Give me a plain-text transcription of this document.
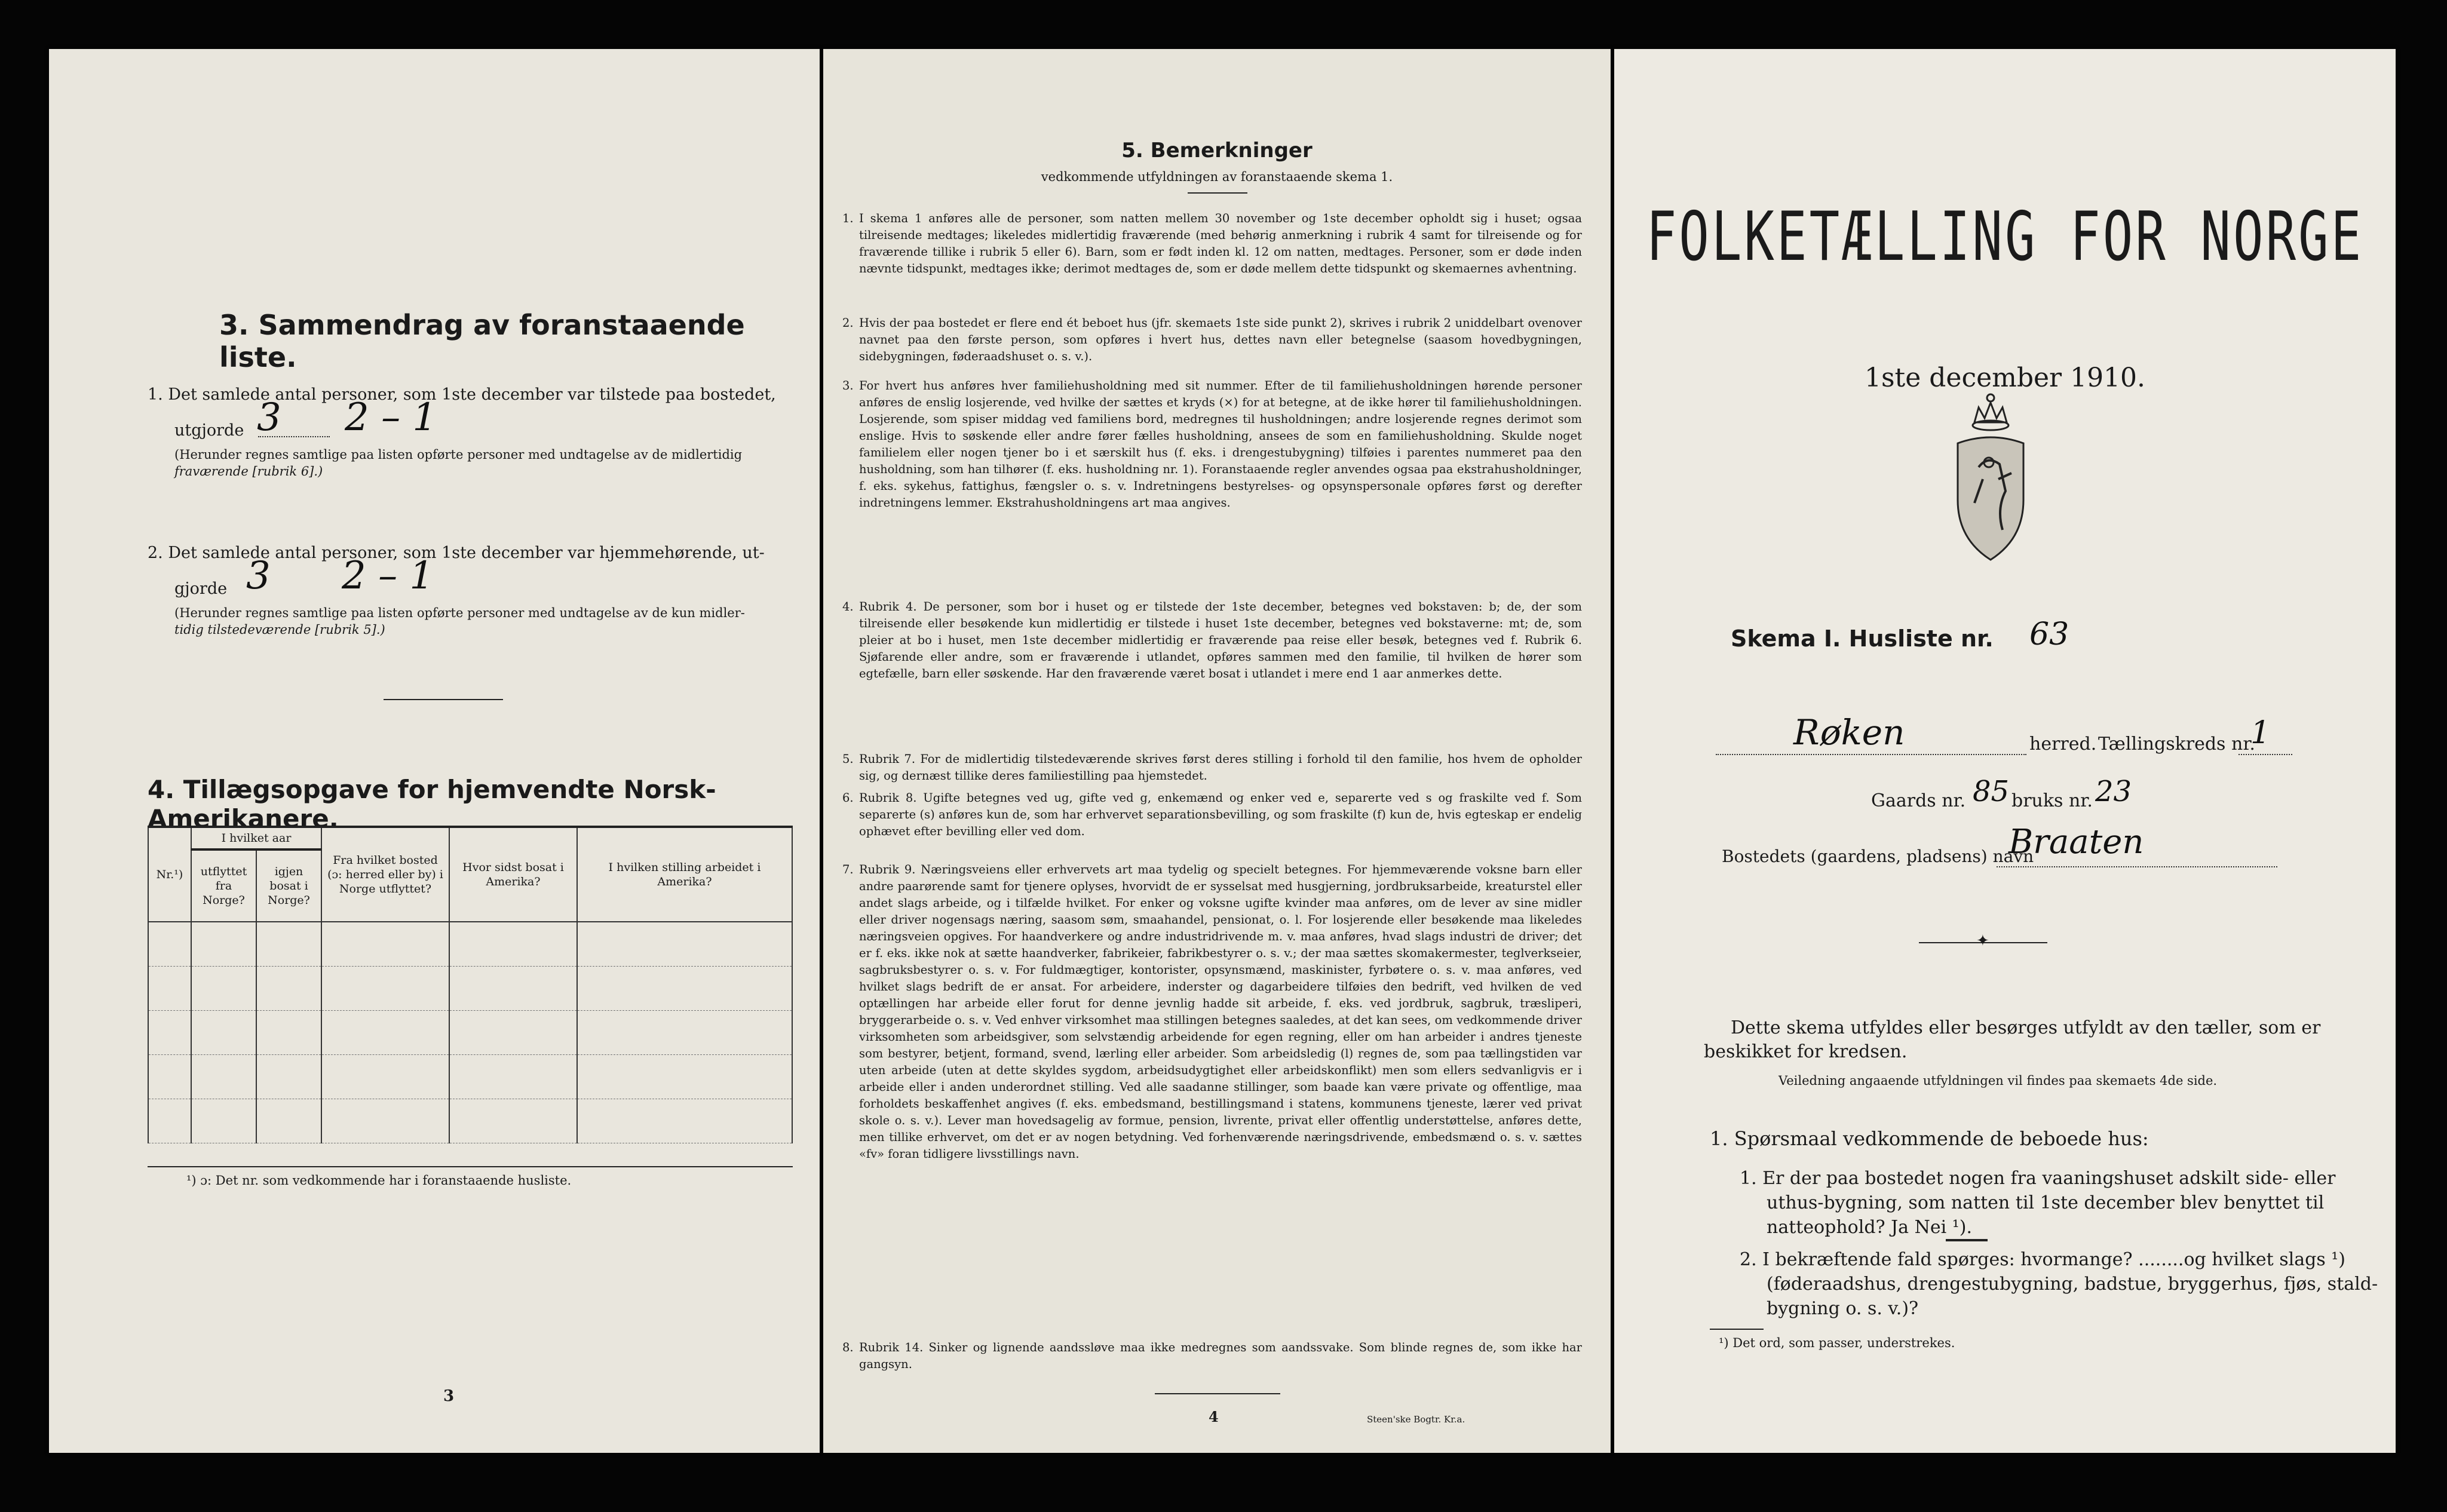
3. Sammendrag av foranstaaende liste.
1. Det samlede antal personer, som 1ste december var tilstede paa bostedet,
utgjorde 3 2 – 1
(Herunder regnes samtlige paa listen opførte personer med undtagelse av de midlertidig
fraværende [rubrik 6].)
2. Det samlede antal personer, som 1ste december var hjemmehørende, ut-
gjorde 3 2 – 1
(Herunder regnes samtlige paa listen opførte personer med undtagelse av de kun midler-
tidig tilstedeværende [rubrik 5].)
4. Tillægsopgave for hjemvendte Norsk-Amerikanere.
Nr.¹)	I hvilket aar		Fra hvilket bosted (ɔ: herred eller by) i Norge utflyttet?	Hvor sidst bosat i Amerika?	I hvilken stilling arbeidet i Amerika?
	utflyttet fra Norge?	igjen bosat i Norge?			

¹) ɔ: Det nr. som vedkommende har i foranstaaende husliste.
3
5. Bemerkninger
vedkommende utfyldningen av foranstaaende skema 1.
1. I skema 1 anføres alle de personer, som natten mellem 30 november og 1ste december opholdt sig i huset; ogsaa tilreisende medtages; likeledes midlertidig fraværende (med behørig anmerkning i rubrik 4 samt for tilreisende og for fraværende tillike i rubrik 5 eller 6). Barn, som er født inden kl. 12 om natten, medtages. Personer, som er døde inden nævnte tidspunkt, medtages ikke; derimot medtages de, som er døde mellem dette tidspunkt og skemaernes avhentning.
2. Hvis der paa bostedet er flere end ét beboet hus (jfr. skemaets 1ste side punkt 2), skrives i rubrik 2 uniddelbart ovenover navnet paa den første person, som opføres i hvert hus, dettes navn eller betegnelse (saasom hovedbygningen, sidebygningen, føderaadshuset o. s. v.).
3. For hvert hus anføres hver familiehusholdning med sit nummer. Efter de til familiehusholdningen hørende personer anføres de enslig losjerende, ved hvilke der sættes et kryds (×) for at betegne, at de ikke hører til familiehusholdningen. Losjerende, som spiser middag ved familiens bord, medregnes til husholdningen; andre losjerende regnes derimot som enslige. Hvis to søskende eller andre fører fælles husholdning, ansees de som en familiehusholdning. Skulde noget familielem eller nogen tjener bo i et særskilt hus (f. eks. i drengestubygning) tilføies i parentes nummeret paa den husholdning, som han tilhører (f. eks. husholdning nr. 1). Foranstaaende regler anvendes ogsaa paa ekstrahusholdninger, f. eks. sykehus, fattighus, fængsler o. s. v. Indretningens bestyrelses- og opsynspersonale opføres først og derefter indretningens lemmer. Ekstrahusholdningens art maa angives.
4. Rubrik 4. De personer, som bor i huset og er tilstede der 1ste december, betegnes ved bokstaven: b; de, der som tilreisende eller besøkende kun midlertidig er tilstede i huset 1ste december, betegnes ved bokstaverne: mt; de, som pleier at bo i huset, men 1ste december midlertidig er fraværende paa reise eller besøk, betegnes ved f. Rubrik 6. Sjøfarende eller andre, som er fraværende i utlandet, opføres sammen med den familie, til hvilken de hører som egtefælle, barn eller søskende. Har den fraværende været bosat i utlandet i mere end 1 aar anmerkes dette.
5. Rubrik 7. For de midlertidig tilstedeværende skrives først deres stilling i forhold til den familie, hos hvem de opholder sig, og dernæst tillike deres familiestilling paa hjemstedet.
6. Rubrik 8. Ugifte betegnes ved ug, gifte ved g, enkemænd og enker ved e, separerte ved s og fraskilte ved f. Som separerte (s) anføres kun de, som har erhvervet separationsbevilling, og som fraskilte (f) kun de, hvis egteskap er endelig ophævet efter bevilling eller ved dom.
7. Rubrik 9. Næringsveiens eller erhvervets art maa tydelig og specielt betegnes. For hjemmeværende voksne barn eller andre paarørende samt for tjenere oplyses, hvorvidt de er sysselsat med husgjerning, jordbruksarbeide, kreaturstel eller andet slags arbeide, og i tilfælde hvilket. For enker og voksne ugifte kvinder maa anføres, om de lever av sine midler eller driver nogensags næring, saasom søm, smaahandel, pensionat, o. l. For losjerende eller besøkende maa likeledes næringsveien opgives. For haandverkere og andre industridrivende m. v. maa anføres, hvad slags industri de driver; det er f. eks. ikke nok at sætte haandverker, fabrikeier, fabrikbestyrer o. s. v.; der maa sættes skomakermester, teglverkseier, sagbruksbestyrer o. s. v. For fuldmægtiger, kontorister, opsynsmænd, maskinister, fyrbøtere o. s. v. maa anføres, ved hvilket slags bedrift de er ansat. For arbeidere, inderster og dagarbeidere tilføies den bedrift, ved hvilken de ved optællingen har arbeide eller forut for denne jevnlig hadde sit arbeide, f. eks. ved jordbruk, sagbruk, træsliperi, bryggerarbeide o. s. v. Ved enhver virksomhet maa stillingen betegnes saaledes, at det kan sees, om vedkommende driver virksomheten som arbeidsgiver, som selvstændig arbeidende for egen regning, eller om han arbeider i andres tjeneste som bestyrer, betjent, formand, svend, lærling eller arbeider. Som arbeidsledig (l) regnes de, som paa tællingstiden var uten arbeide (uten at dette skyldes sygdom, arbeidsudygtighet eller arbeidskonflikt) men som ellers sedvanligvis er i arbeide eller i anden underordnet stilling. Ved alle saadanne stillinger, som baade kan være private og offentlige, maa forholdets beskaffenhet angives (f. eks. embedsmand, bestillingsmand i statens, kommunens tjeneste, lærer ved privat skole o. s. v.). Lever man hovedsagelig av formue, pension, livrente, privat eller offentlig understøttelse, anføres dette, men tillike erhvervet, om det er av nogen betydning. Ved forhenværende næringsdrivende, embedsmænd o. s. v. sættes «fv» foran tidligere livsstillings navn.
8. Rubrik 14. Sinker og lignende aandssløve maa ikke medregnes som aandssvake. Som blinde regnes de, som ikke har gangsyn.
4	Steen'ske Bogtr. Kr.a.
FOLKETÆLLING FOR NORGE
1ste december 1910.
Skema I. Husliste nr. 63
Røken	herred. Tællingskreds nr.
1
Gaards nr. 85 bruks nr. 23
Bostedets (gaardens, pladsens) navn
Braaten
✦
Dette skema utfyldes eller besørges utfyldt av den tæller, som er
beskikket for kredsen.
Veiledning angaaende utfyldningen vil findes paa skemaets 4de side.
1. Spørsmaal vedkommende de beboede hus:
1. Er der paa bostedet nogen fra vaaningshuset adskilt side- eller
uthus-bygning, som natten til 1ste december blev benyttet til
natteophold? Ja Nei ¹).
2. I bekræftende fald spørges: hvormange? ........og hvilket slags ¹)
(føderaadshus, drengestubygning, badstue, bryggerhus, fjøs, stald-
bygning o. s. v.)?
¹) Det ord, som passer, understrekes.
